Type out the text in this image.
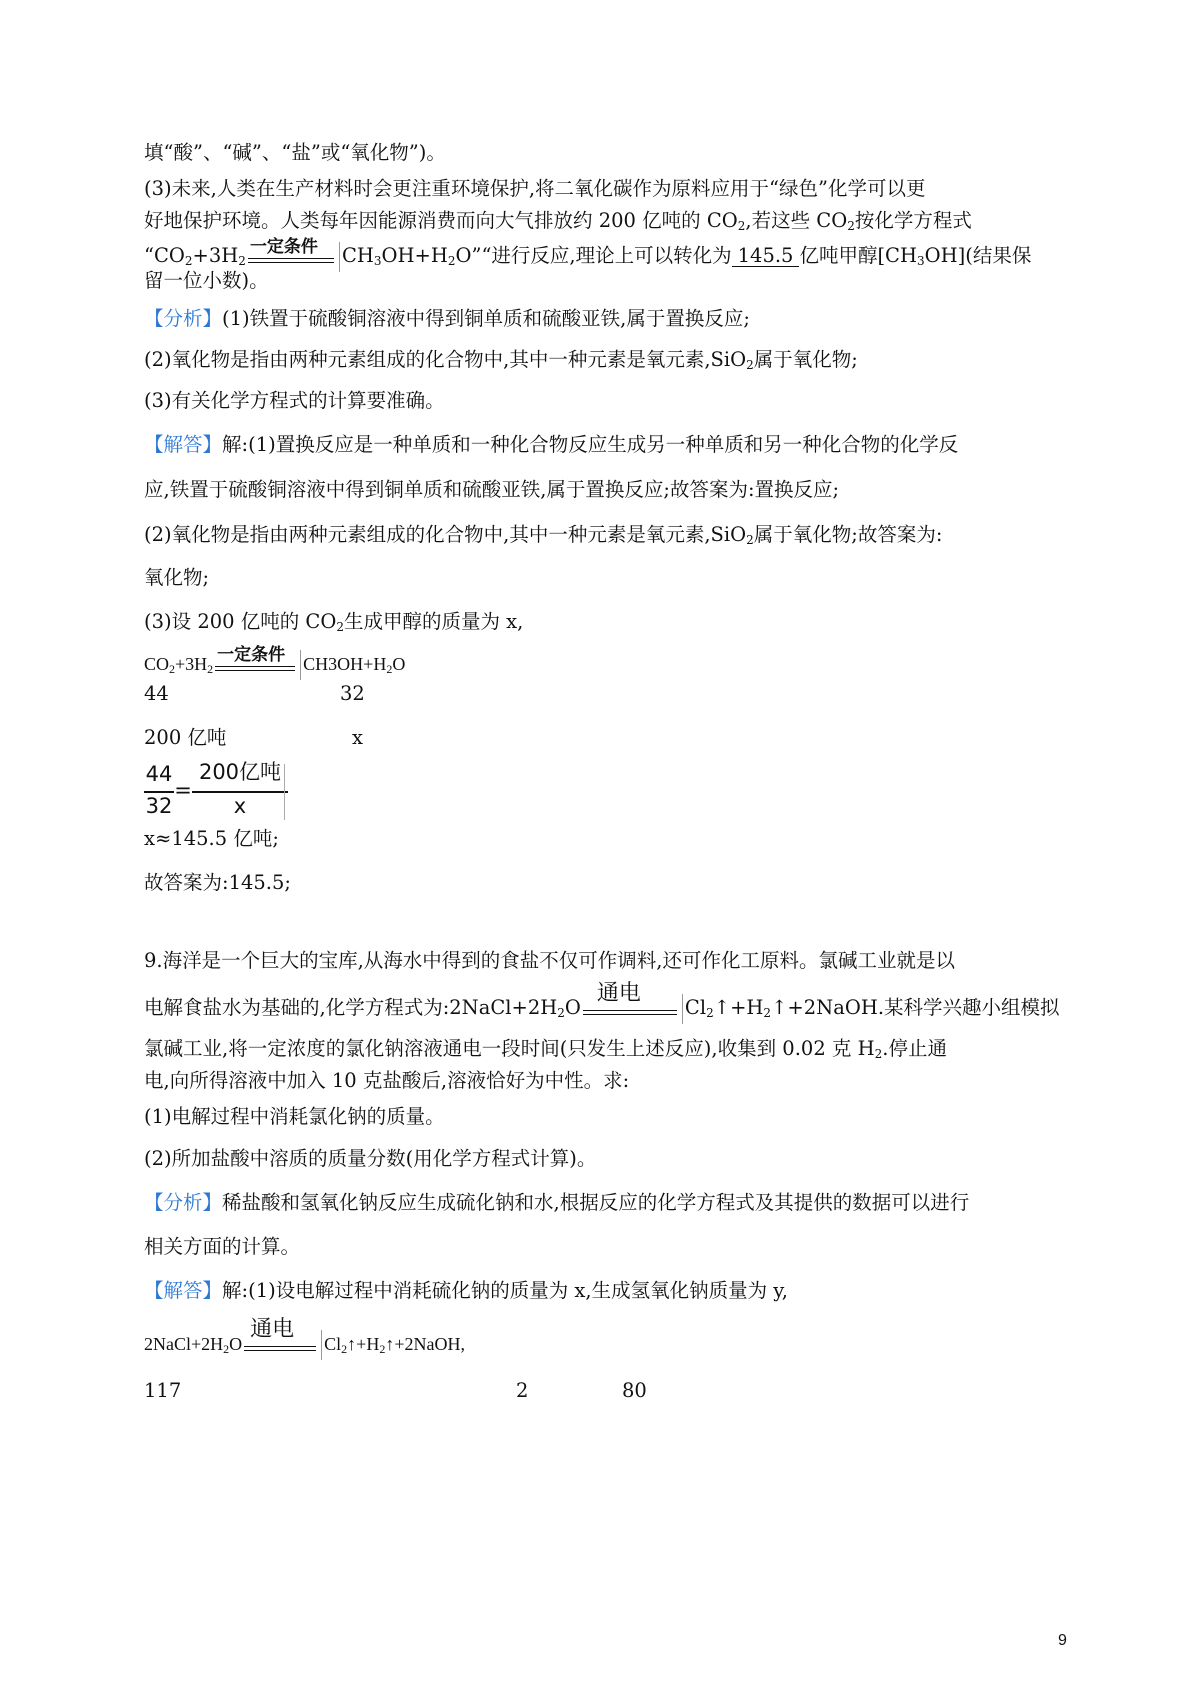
填“酸”、“碱”、“盐”或“氧化物”)。
(3)未来,人类在生产材料时会更注重环境保护,将二氧化碳作为原料应用于“绿色”化学可以更
好地保护环境。人类每年因能源消费而向大气排放约 200 亿吨的 $CO_2$,若这些 $CO_2$按化学方程式
“$CO_2+3H_2$
一定条件 $CH_3OH+H_2O”“$进行反应,理论上可以转化为 145.5 亿吨甲醇$[CH_3OH]$(结果保
留一位小数)。
【分析】(1)铁置于硫酸铜溶液中得到铜单质和硫酸亚铁,属于置换反应;
(2)氧化物是指由两种元素组成的化合物中,其中一种元素是氧元素,SiO$_2$属于氧化物;
(3)有关化学方程式的计算要准确。
【解答】解:(1)置换反应是一种单质和一种化合物反应生成另一种单质和另一种化合物的化学反
应,铁置于硫酸铜溶液中得到铜单质和硫酸亚铁,属于置换反应;故答案为:置换反应;
(2)氧化物是指由两种元素组成的化合物中,其中一种元素是氧元素,SiO$_2$属于氧化物;故答案为:
氧化物;
(3)设 200 亿吨的 $CO_2$生成甲醇的质量为 x,
$CO_2+3H_2$
一定条件 $CH3OH+H_2O$
44	32
200 亿吨	x
44
32
=
200亿吨
x
x≈145.5 亿吨;
故答案为:145.5;
9.海洋是一个巨大的宝库,从海水中得到的食盐不仅可作调料,还可作化工原料。氯碱工业就是以
电解食盐水为基础的,化学方程式为$:2NaCl+2H_2O$
通电
$Cl_2↑+H_2↑+2NaOH$.某科学兴趣小组模拟
氯碱工业,将一定浓度的氯化钠溶液通电一段时间(只发生上述反应),收集到 0.02 克 $H_2$.停止通
电,向所得溶液中加入 10 克盐酸后,溶液恰好为中性。求:
(1)电解过程中消耗氯化钠的质量。
(2)所加盐酸中溶质的质量分数(用化学方程式计算)。
【分析】稀盐酸和氢氧化钠反应生成硫化钠和水,根据反应的化学方程式及其提供的数据可以进行
相关方面的计算。
【解答】解:(1)设电解过程中消耗硫化钠的质量为 x,生成氢氧化钠质量为 y,
$2NaCl+2H_2O$
通电
$Cl_2↑+H_2↑+2NaOH$,
117	2	80
9
